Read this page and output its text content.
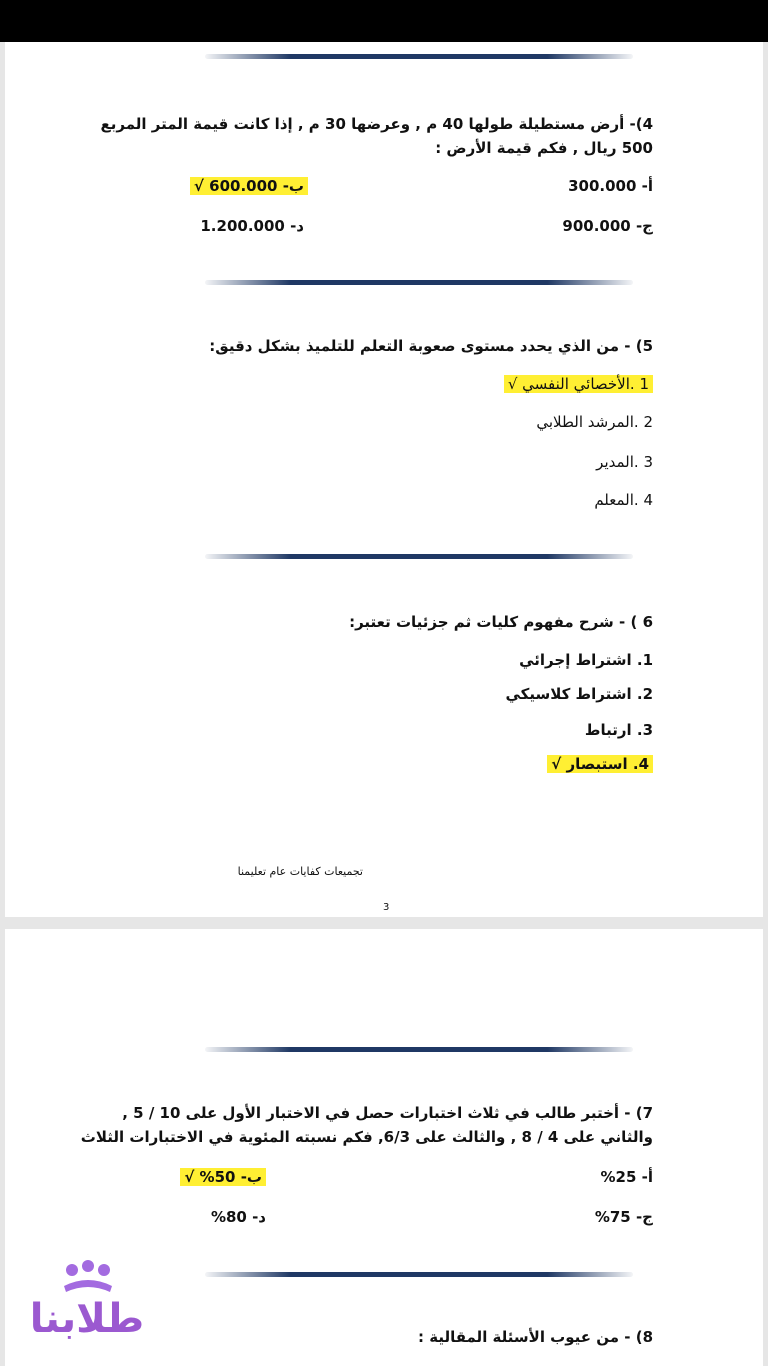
4)- أرض مستطيلة طولها 40 م , وعرضها 30 م , إذا كانت قيمة المتر المربع
500 ريال , فكم قيمة الأرض :
أ- 300.000
ب- 600.000 √
ج- 900.000
د- 1.200.000
5) - من الذي يحدد مستوى صعوبة التعلم للتلميذ بشكل دقيق:
1 .الأخصائي النفسي √
2 .المرشد الطلابي
3 .المدير
4 .المعلم
6 ) - شرح مفهوم كليات ثم جزئيات تعتبر:
1. اشتراط إجرائي
2. اشتراط كلاسيكي
3. ارتباط
4. استبصار √
تجميعات كفايات عام تعليمنا
3
7) - أختبر طالب في ثلاث اختبارات حصل في الاختبار الأول على 10 / 5 ,
والثاني على 4 / 8 , والثالث على 6/3, فكم نسبته المئوية في الاختبارات الثلاث
أ- 25%
ب- 50% √
ج- 75%
د- 80%
8) - من عيوب الأسئلة المقالية :
طلابنا
